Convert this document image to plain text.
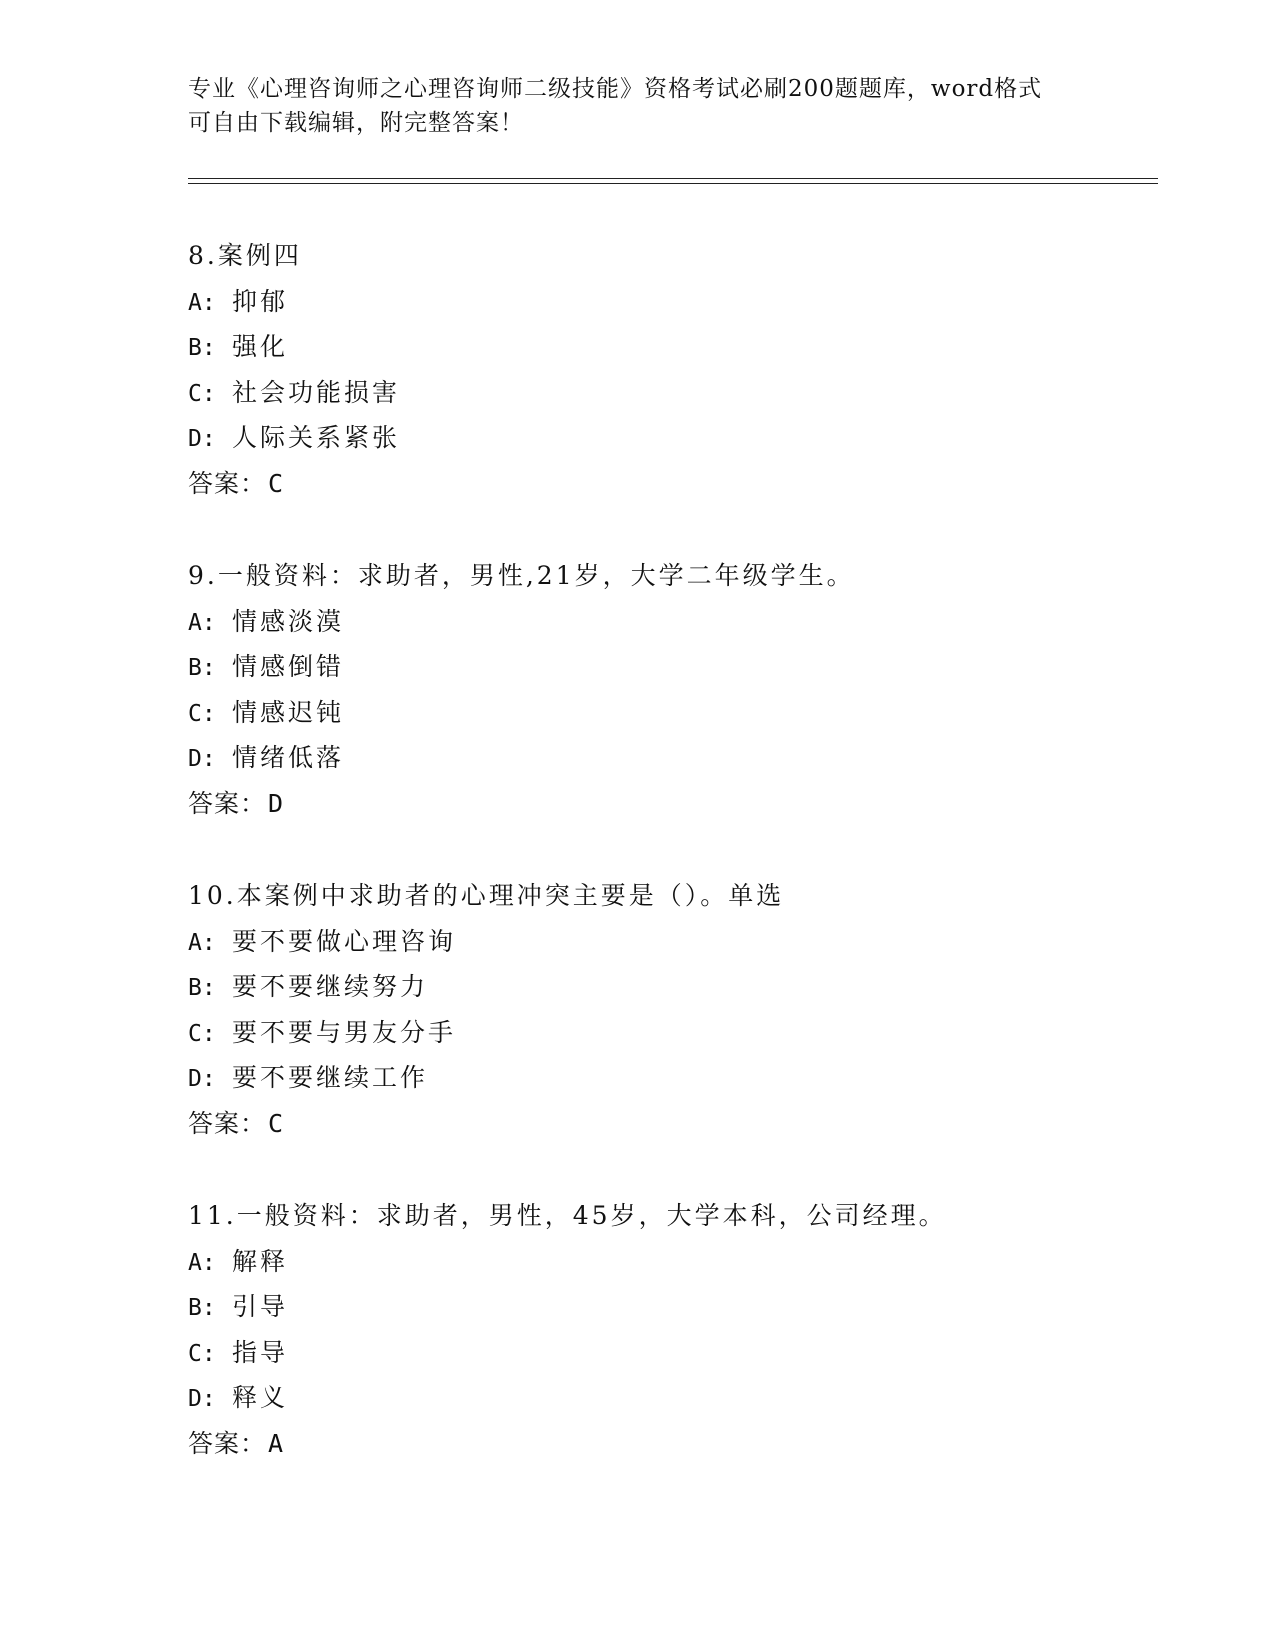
专业《心理咨询师之心理咨询师二级技能》资格考试必刷200题题库，word格式
可自由下载编辑，附完整答案！
8.案例四
A: 抑郁
B: 强化
C: 社会功能损害
D: 人际关系紧张
答案：C
9.一般资料：求助者，男性,21岁，大学二年级学生。
A: 情感淡漠
B: 情感倒错
C: 情感迟钝
D: 情绪低落
答案：D
10.本案例中求助者的心理冲突主要是（）。单选
A: 要不要做心理咨询
B: 要不要继续努力
C: 要不要与男友分手
D: 要不要继续工作
答案：C
11.一般资料：求助者，男性，45岁，大学本科，公司经理。
A: 解释
B: 引导
C: 指导
D: 释义
答案：A
